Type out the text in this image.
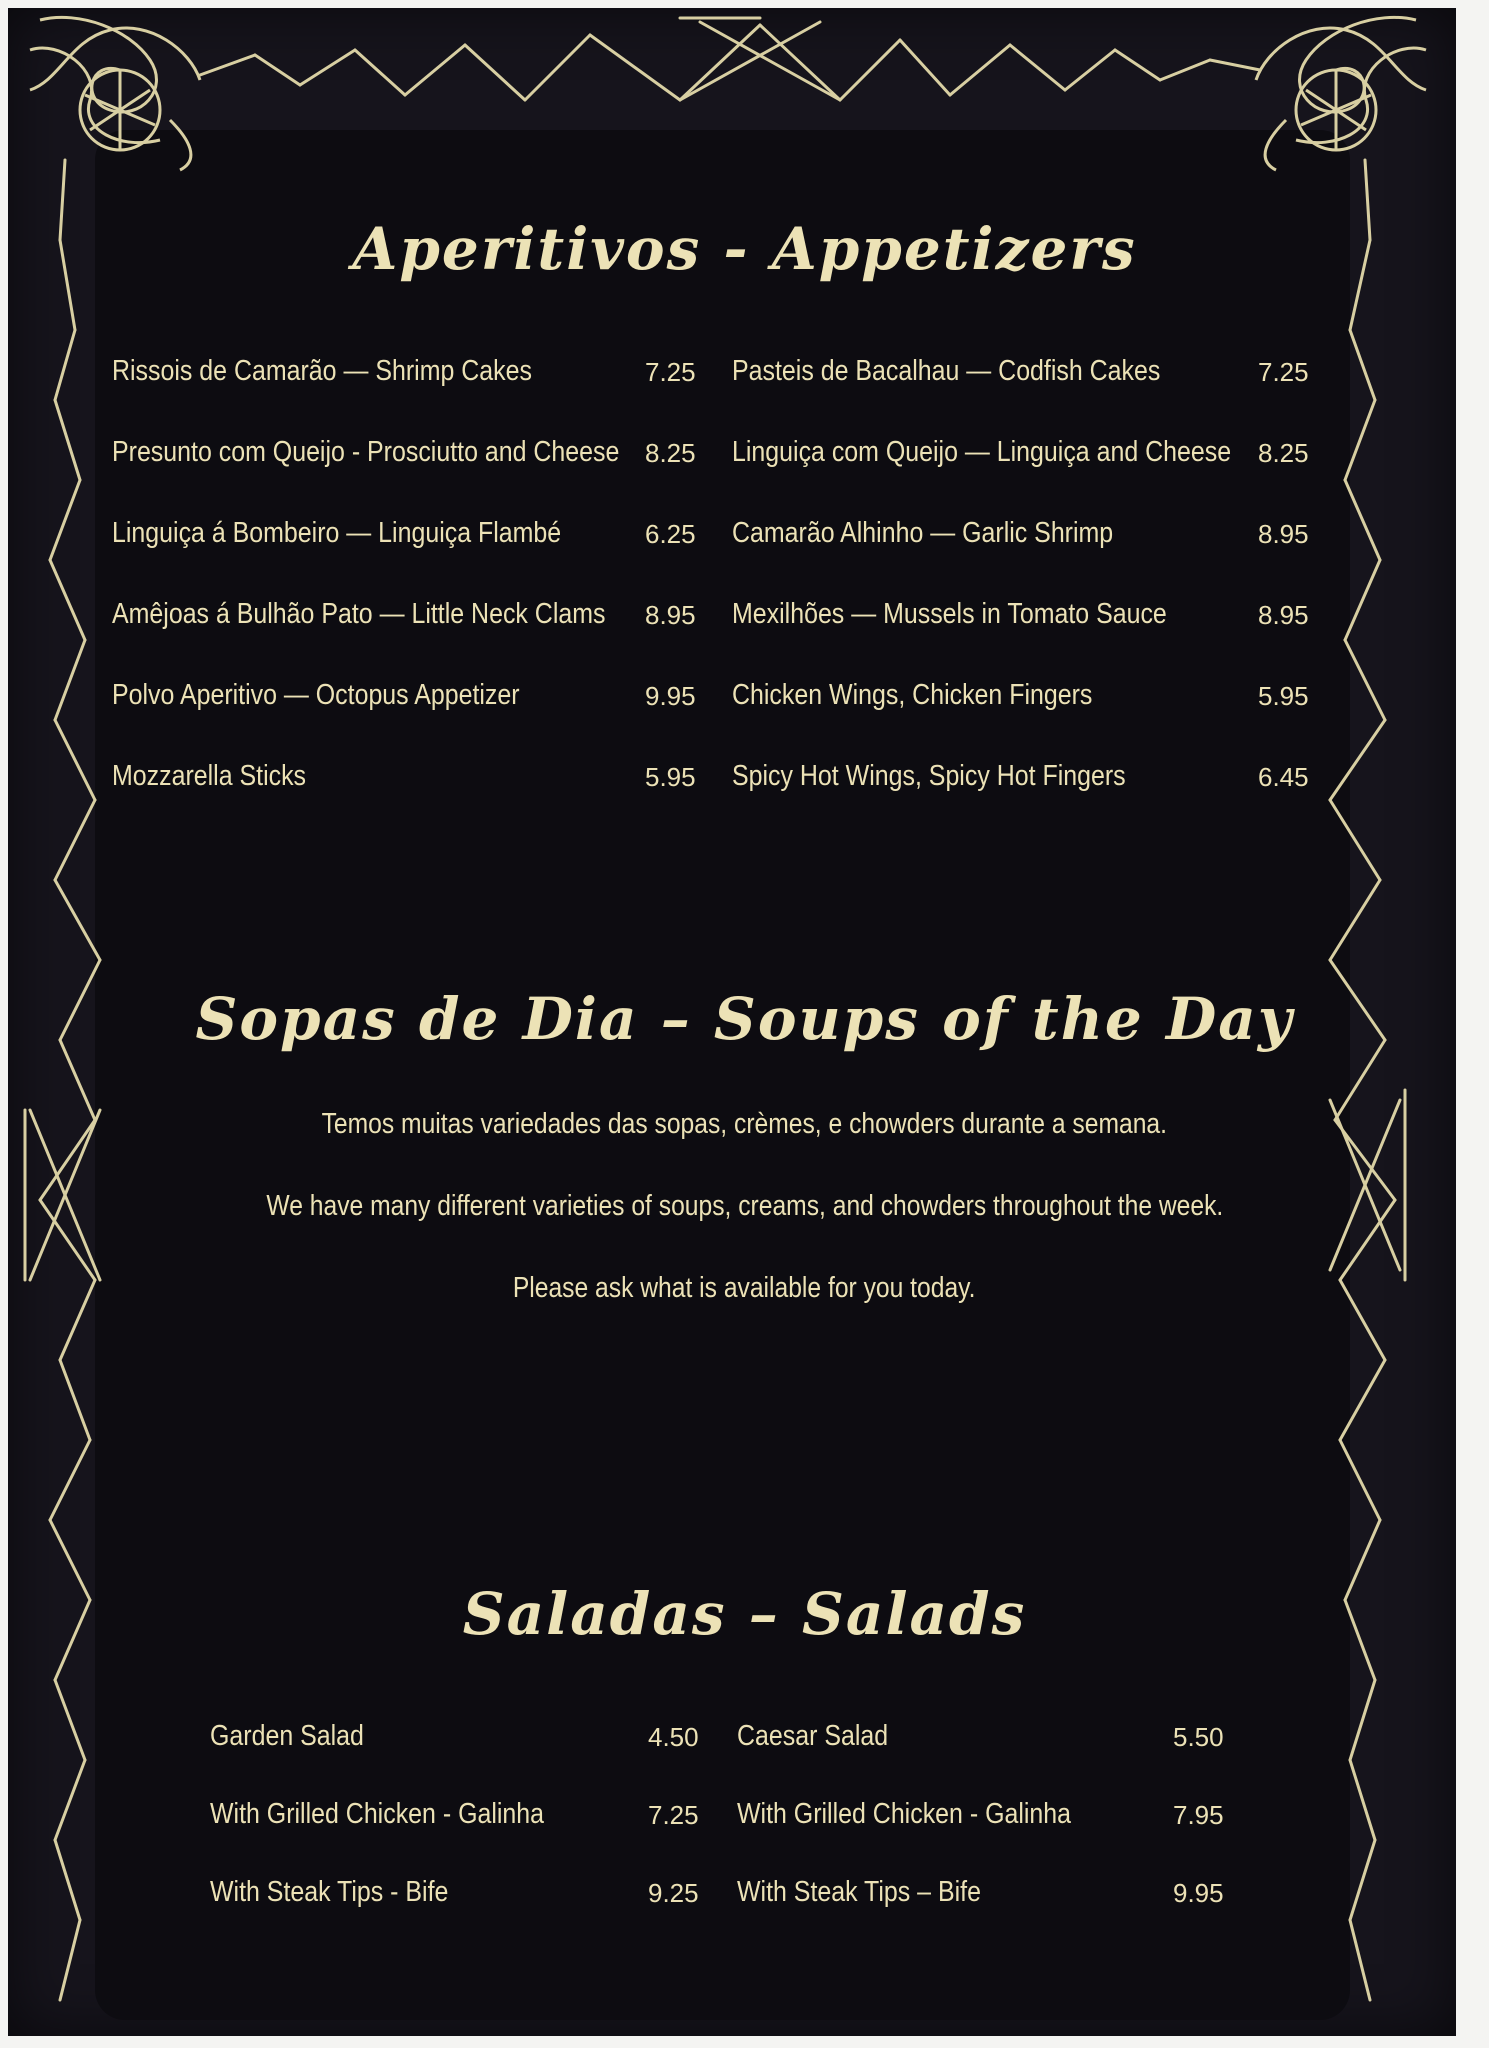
Aperitivos - Appetizers
Rissois de Camarão — Shrimp Cakes	7.25
Presunto com Queijo - Prosciutto and Cheese 8.25
Linguiça á Bombeiro — Linguiça Flambé	6.25
Amêjoas á Bulhão Pato — Little Neck Clams 8.95
Polvo Aperitivo — Octopus Appetizer	9.95
Mozzarella Sticks	5.95
Pasteis de Bacalhau — Codfish Cakes	7.25
Linguiça com Queijo — Linguiça and Cheese 8.25
Camarão Alhinho — Garlic Shrimp	8.95
Mexilhões — Mussels in Tomato Sauce	8.95
Chicken Wings, Chicken Fingers	5.95
Spicy Hot Wings, Spicy Hot Fingers	6.45
Sopas de Dia – Soups of the Day

Temos muitas variedades das sopas, crèmes, e chowders durante a semana.

We have many different varieties of soups, creams, and chowders throughout the week.

Please ask what is available for you today.

Saladas – Salads
Garden Salad	4.50
With Grilled Chicken - Galinha	7.25
With Steak Tips - Bife	9.25
Caesar Salad	5.50
With Grilled Chicken - Galinha	7.95
With Steak Tips – Bife	9.95
